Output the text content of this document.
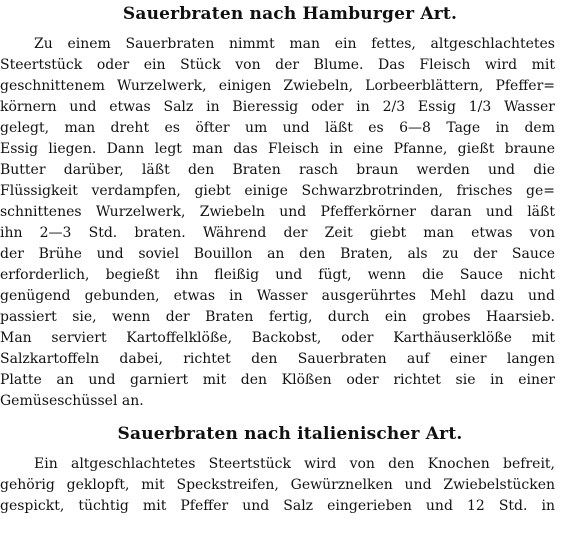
Sauerbraten nach Hamburger Art.
Zu einem Sauerbraten nimmt man ein fettes, altgeschlachtetes
Steertstück oder ein Stück von der Blume. Das Fleisch wird mit
geschnittenem Wurzelwerk, einigen Zwiebeln, Lorbeerblättern, Pfeffer=
körnern und etwas Salz in Bieressig oder in 2/3 Essig 1/3 Wasser
gelegt, man dreht es öfter um und läßt es 6—8 Tage in dem
Essig liegen. Dann legt man das Fleisch in eine Pfanne, gießt braune
Butter darüber, läßt den Braten rasch braun werden und die
Flüssigkeit verdampfen, giebt einige Schwarzbrotrinden, frisches ge=
schnittenes Wurzelwerk, Zwiebeln und Pfefferkörner daran und läßt
ihn 2—3 Std. braten. Während der Zeit giebt man etwas von
der Brühe und soviel Bouillon an den Braten, als zu der Sauce
erforderlich, begießt ihn fleißig und fügt, wenn die Sauce nicht
genügend gebunden, etwas in Wasser ausgerührtes Mehl dazu und
passiert sie, wenn der Braten fertig, durch ein grobes Haarsieb.
Man serviert Kartoffelklöße, Backobst, oder Karthäuserklöße mit
Salzkartoffeln dabei, richtet den Sauerbraten auf einer langen
Platte an und garniert mit den Klößen oder richtet sie in einer
Gemüseschüssel an.
Sauerbraten nach italienischer Art.
Ein altgeschlachtetes Steertstück wird von den Knochen befreit,
gehörig geklopft, mit Speckstreifen, Gewürznelken und Zwiebelstücken
gespickt, tüchtig mit Pfeffer und Salz eingerieben und 12 Std. in
